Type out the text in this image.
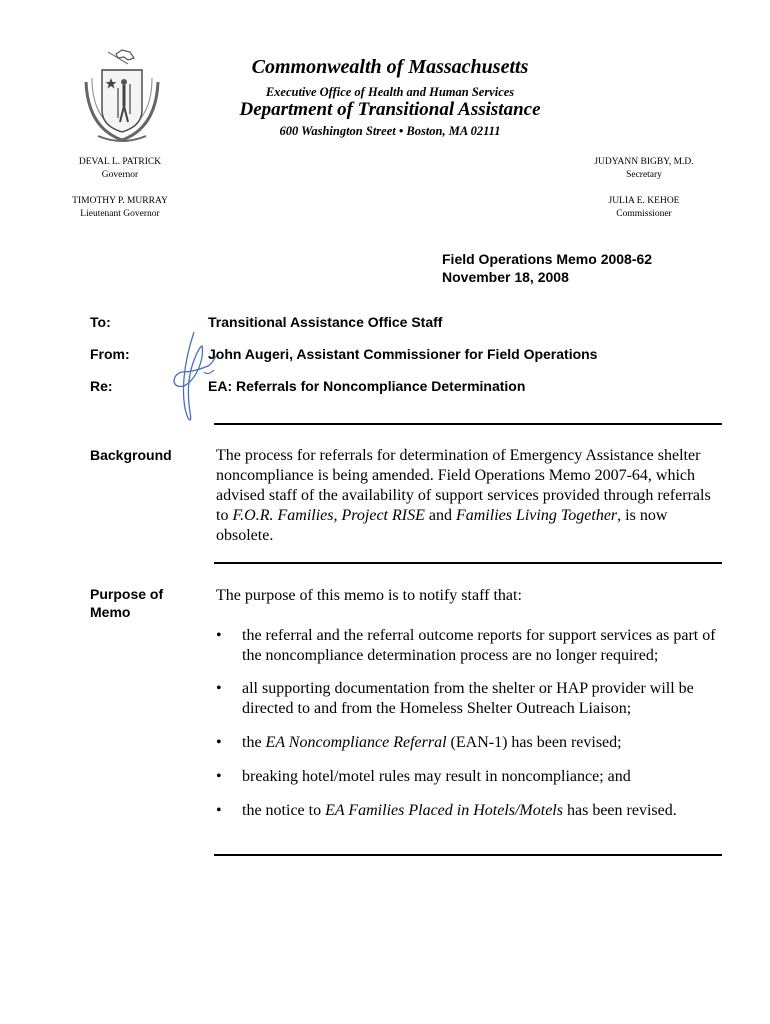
Commonwealth of Massachusetts
Executive Office of Health and Human Services
Department of Transitional Assistance
600 Washington Street • Boston, MA 02111
DEVAL L. PATRICK
Governor
TIMOTHY P. MURRAY
Lieutenant Governor
JUDYANN BIGBY, M.D.
Secretary
JULIA E. KEHOE
Commissioner
Field Operations Memo 2008-62
November 18, 2008
To:	Transitional Assistance Office Staff
From:	John Augeri, Assistant Commissioner for Field Operations
Re:	EA: Referrals for Noncompliance Determination
Background	The process for referrals for determination of Emergency Assistance shelter noncompliance is being amended. Field Operations Memo 2007-64, which advised staff of the availability of support services provided through referrals to F.O.R. Families, Project RISE and Families Living Together, is now obsolete.
Purpose of Memo
The purpose of this memo is to notify staff that:
• the referral and the referral outcome reports for support services as part of the noncompliance determination process are no longer required;
• all supporting documentation from the shelter or HAP provider will be directed to and from the Homeless Shelter Outreach Liaison;
• the EA Noncompliance Referral (EAN-1) has been revised;
• breaking hotel/motel rules may result in noncompliance; and
• the notice to EA Families Placed in Hotels/Motels has been revised.
